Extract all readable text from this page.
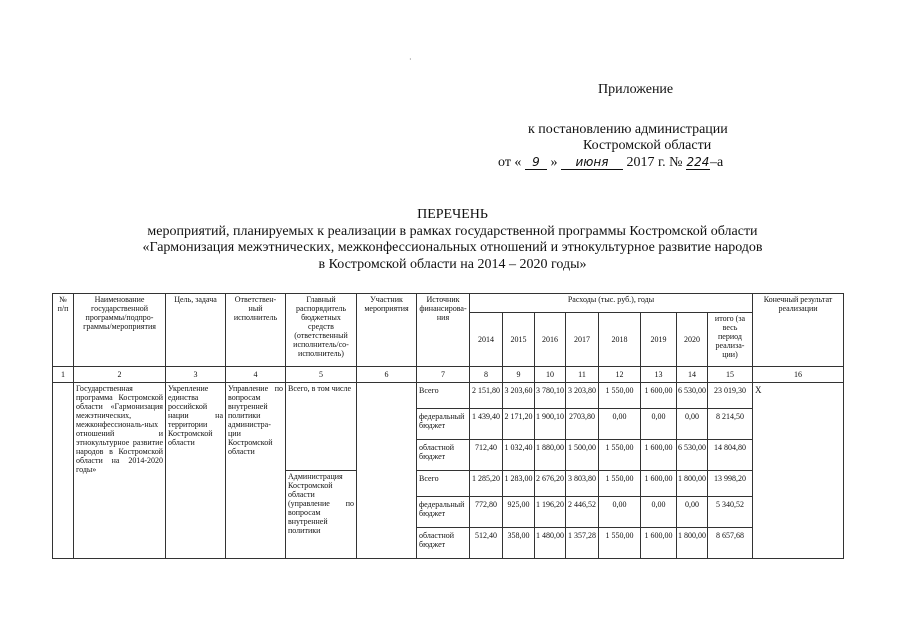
·
Приложение
к постановлению администрации
Костромской области
от « 9 » июня 2017 г. № 224–а
ПЕРЕЧЕНЬ
мероприятий, планируемых к реализации в рамках государственной программы Костромской области
«Гармонизация межэтнических, межконфессиональных отношений и этнокультурное развитие народов
в Костромской области на 2014 – 2020 годы»
№ п/п	Наименование государственной программы/подпро-граммы/мероприятия	Цель, задача	Ответствен-ный исполнитель	Главный распорядитель бюджетных средств (ответственный исполнитель/со-исполнитель)	Участник мероприятия	Источник финансирова-ния	Расходы (тыс. руб.), годы								Конечный результат реализации
							2014	2015	2016	2017	2018	2019	2020	итого (за весь период реализа-ции)	
1	2	3	4	5	6	7	8	9	10	11	12	13	14	15	16
	Государственная программа Костромской области «Гармонизация межэтнических, межконфессиональ-ных отношений и этнокультурное развитие народов в Костромской области на 2014-2020 годы»	Укрепление единства российской нации на территории Костромской области	Управление по вопросам внутренней политики администра-ции Костромской области	Всего, в том числе		Всего	2 151,80	3 203,60	3 780,10	3 203,80	1 550,00	1 600,00	6 530,00	23 019,30	X
						федеральный бюджет	1 439,40	2 171,20	1 900,10	2703,80	0,00	0,00	0,00	8 214,50	
						областной бюджет	712,40	1 032,40	1 880,00	1 500,00	1 550,00	1 600,00	6 530,00	14 804,80	
				Администрация Костромской области (управление по вопросам внутренней политики		Всего	1 285,20	1 283,00	2 676,20	3 803,80	1 550,00	1 600,00	1 800,00	13 998,20	
						федеральный бюджет	772,80	925,00	1 196,20	2 446,52	0,00	0,00	0,00	5 340,52	
						областной бюджет	512,40	358,00	1 480,00	1 357,28	1 550,00	1 600,00	1 800,00	8 657,68	
